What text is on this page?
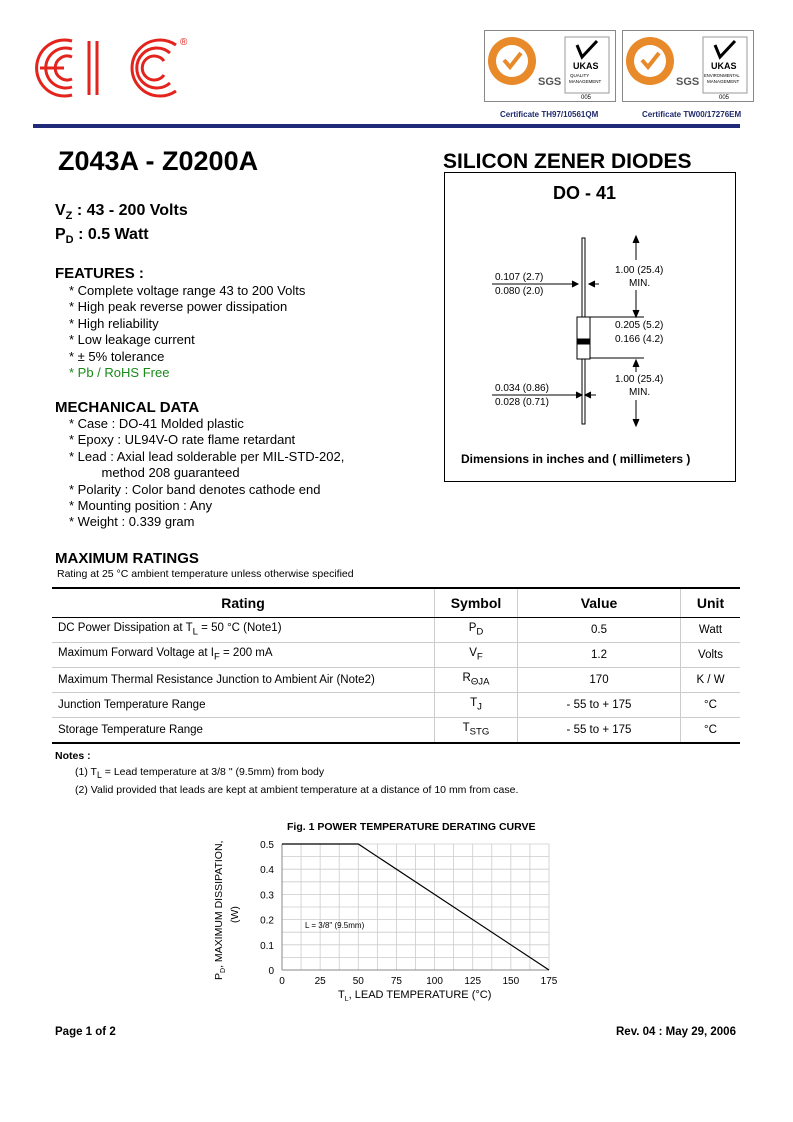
®
SGS
UKAS
QUALITY
MANAGEMENT
005
SGS
UKAS
ENVIRONMENTAL
MANAGEMENT
005
Certificate TH97/10561QM	Certificate TW00/17276EM
Z043A - Z0200A	SILICON ZENER DIODES
$V_Z$ : 43 - 200 Volts
$P_D$ : 0.5 Watt
DO - 41
0.107 (2.7)
0.080 (2.0)
1.00 (25.4)
MIN.
0.205 (5.2)
0.166 (4.2)
0.034 (0.86)
0.028 (0.71)
1.00 (25.4)
MIN.
Dimensions in inches and ( millimeters )
FEATURES :
* Complete voltage range 43 to 200 Volts
* High peak reverse power dissipation
* High reliability
* Low leakage current
* ± 5% tolerance
* Pb / RoHS Free
MECHANICAL DATA
* Case : DO-41 Molded plastic
* Epoxy : UL94V-O rate flame retardant
* Lead : Axial lead solderable per MIL-STD-202,
method 208 guaranteed
* Polarity : Color band denotes cathode end
* Mounting position : Any
* Weight : 0.339 gram
MAXIMUM RATINGS
Rating at 25 °C ambient temperature unless otherwise specified
Rating	Symbol	Value	Unit
DC Power Dissipation at $T_L = 50$ °C (Note1)	$P_D$	0.5	Watt
Maximum Forward Voltage at $I_F = 200$ mA	$V_F$	1.2	Volts
Maximum Thermal Resistance Junction to Ambient Air (Note2)	$R_{\Theta JA}$	170	K / W
Junction Temperature Range	$T_J$	- 55 to + 175	°C
Storage Temperature Range	$T_{STG}$	- 55 to + 175	°C
Notes :
(1) $T_L$ = Lead temperature at 3/8 " (9.5mm) from body
(2) Valid provided that leads are kept at ambient temperature at a distance of 10 mm from case.
Fig. 1 POWER TEMPERATURE DERATING CURVE
0	25	50	75 100 125 150 175
0
0.1
0.2
0.3
0.4
0.5
L = 3/8" (9.5mm)
$T_L$, LEAD TEMPERATURE (°C)
$P_D$, MAXIMUM DISSIPATION, (W)
Page 1 of 2	Rev. 04 : May 29, 2006
